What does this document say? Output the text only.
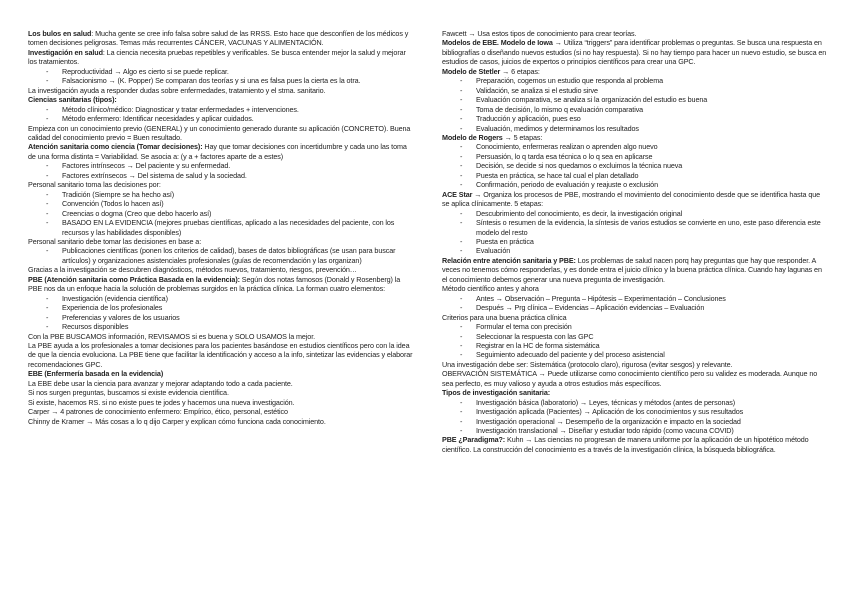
Los bulos en salud: Mucha gente se cree info falsa sobre salud de las RRSS. Esto hace que desconfíen de los médicos y tomen decisiones peligrosas. Temas más recurrentes CÁNCER, VACUNAS Y ALIMENTACIÓN.

Investigación en salud: La ciencia necesita pruebas repetibles y verificables. Se busca entender mejor la salud y mejorar los tratamientos.

- Reproductividad → Algo es cierto si se puede replicar.
- Falsacionismo → (K. Popper) Se comparan dos teorías y si una es falsa pues la cierta es la otra.

La investigación ayuda a responder dudas sobre enfermedades, tratamiento y el stma. sanitario.

Ciencias sanitarias (tipos):

- Método clínico/médico: Diagnosticar y tratar enfermedades + intervenciones.
- Método enfermero: Identificar necesidades y aplicar cuidados.

Empieza con un conocimiento previo (GENERAL) y un conocimiento generado durante su aplicación (CONCRETO). Buena calidad del conocimiento previo = Buen resultado.

Atención sanitaria como ciencia (Tomar decisiones): Hay que tomar decisiones con incertidumbre y cada uno las toma de una forma distinta = Variabilidad. Se asocia a: (y a + factores aparte de a estes)

- Factores intrínsecos → Del paciente y su enfermedad.
- Factores extrínsecos → Del sistema de salud y la sociedad.

Personal sanitario toma las decisiones por:

- Tradición (Siempre se ha hecho así)
- Convención (Todos lo hacen así)
- Creencias o dogma (Creo que debo hacerlo así)
- BASADO EN LA EVIDENCIA (mejores pruebas científicas, aplicado a las necesidades del paciente, con los recursos y las habilidades disponibles)

Personal sanitario debe tomar las decisiones en base a:

- Publicaciones científicas (ponen los criterios de calidad), bases de datos bibliográficas (se usan para buscar artículos) y organizaciones asistenciales profesionales (guías de recomendación y las organizan)

Gracias a la investigación se descubren diagnósticos, métodos nuevos, tratamiento, riesgos, prevención…

PBE (Atención sanitaria como Práctica Basada en la evidencia): Según dos notas famosos (Donald y Rosenberg) la PBE nos da un enfoque hacia la solución de problemas surgidos en la práctica clínica. La forman cuatro elementos:

- Investigación (evidencia científica)
- Experiencia de los profesionales
- Preferencias y valores de los usuarios
- Recursos disponibles

Con la PBE BUSCAMOS información, REVISAMOS si es buena y SOLO USAMOS la mejor.

La PBE ayuda a los profesionales a tomar decisiones para los pacientes basándose en estudios científicos pero con la idea de que la ciencia evoluciona. La PBE tiene que facilitar la identificación y acceso a la info, sintetizar las evidencias y elaborar recomendaciones GPC.

EBE (Enfermería basada en la evidencia)

La EBE debe usar la ciencia para avanzar y mejorar adaptando todo a cada paciente.

Si nos surgen preguntas, buscamos si existe evidencia científica.

Si existe, hacemos RS. si no existe pues te jodes y hacemos una nueva investigación.

Carper → 4 patrones de conocimiento enfermero: Empírico, ético, personal, estético

Chinny de Kramer → Más cosas a lo q dijo Carper y explican cómo funciona cada conocimiento.

Fawcett → Usa estos tipos de conocimiento para crear teorías.

Modelos de EBE. Modelo de Iowa → Utiliza “triggers” para identificar problemas o preguntas. Se busca una respuesta en bibliografías o diseñando nuevos estudios (si no hay respuesta). Si no hay tiempo para hacer un nuevo estudio, se busca en estudios de casos, juicios de expertos o principios científicos para crear una GPC.

Modelo de Stetler → 6 etapas:

- Preparación, cogemos un estudio que responda al problema
- Validación, se analiza si el estudio sirve
- Evaluación comparativa, se analiza si la organización del estudio es buena
- Toma de decisión, lo mismo q evaluación comparativa
- Traducción y aplicación, pues eso
- Evaluación, medimos y determinamos los resultados

Modelo de Rogers → 5 etapas:

- Conocimiento, enfermeras realizan o aprenden algo nuevo
- Persuasión, lo q tarda esa técnica o lo q sea en aplicarse
- Decisión, se decide si nos quedamos o excluimos la técnica nueva
- Puesta en práctica, se hace tal cual el plan detallado
- Confirmación, periodo de evaluación y reajuste o exclusión

ACE Star → Organiza los procesos de PBE, mostrando el movimiento del conocimiento desde que se identifica hasta que se aplica clínicamente. 5 etapas:

- Descubrimiento del conocimiento, es decir, la investigación original
- Síntesis o resumen de la evidencia, la síntesis de varios estudios se convierte en uno, este paso diferencia este modelo del resto
- Puesta en práctica
- Evaluación

Relación entre atención sanitaria y PBE: Los problemas de salud nacen porq hay preguntas que hay que responder. A veces no tenemos cómo responderlas, y es donde entra el juicio clínico y la buena práctica clínica. Cuando hay lagunas en el conocimiento debemos generar una nueva pregunta de investigación.

Método científico antes y ahora

- Antes → Observación – Pregunta – Hipótesis – Experimentación – Conclusiones
- Después → Prg clínica – Evidencias – Aplicación evidencias – Evaluación

Criterios para una buena práctica clínica

- Formular el tema con precisión
- Seleccionar la respuesta con las GPC
- Registrar en la HC de forma sistemática
- Seguimiento adecuado del paciente y del proceso asistencial

Una investigación debe ser: Sistemática (protocolo claro), rigurosa (evitar sesgos) y relevante.

OBERVACIÓN SISTEMÁTICA → Puede utilizarse como conocimiento científico pero su validez es moderada. Aunque no sea perfecto, es muy valioso y ayuda a otros estudios más específicos.

Tipos de investigación sanitaria:

- Investigación básica (laboratorio) → Leyes, técnicas y métodos (antes de personas)
- Investigación aplicada (Pacientes) → Aplicación de los conocimientos y sus resultados
- Investigación operacional → Desempeño de la organización e impacto en la sociedad
- Investigación translacional → Diseñar y estudiar todo rápido (como vacuna COVID)

PBE ¿Paradigma?: Kuhn → Las ciencias no progresan de manera uniforme por la aplicación de un hipotético método científico. La construcción del conocimiento es a través de la investigación clínica, la búsqueda bibliográfica.
